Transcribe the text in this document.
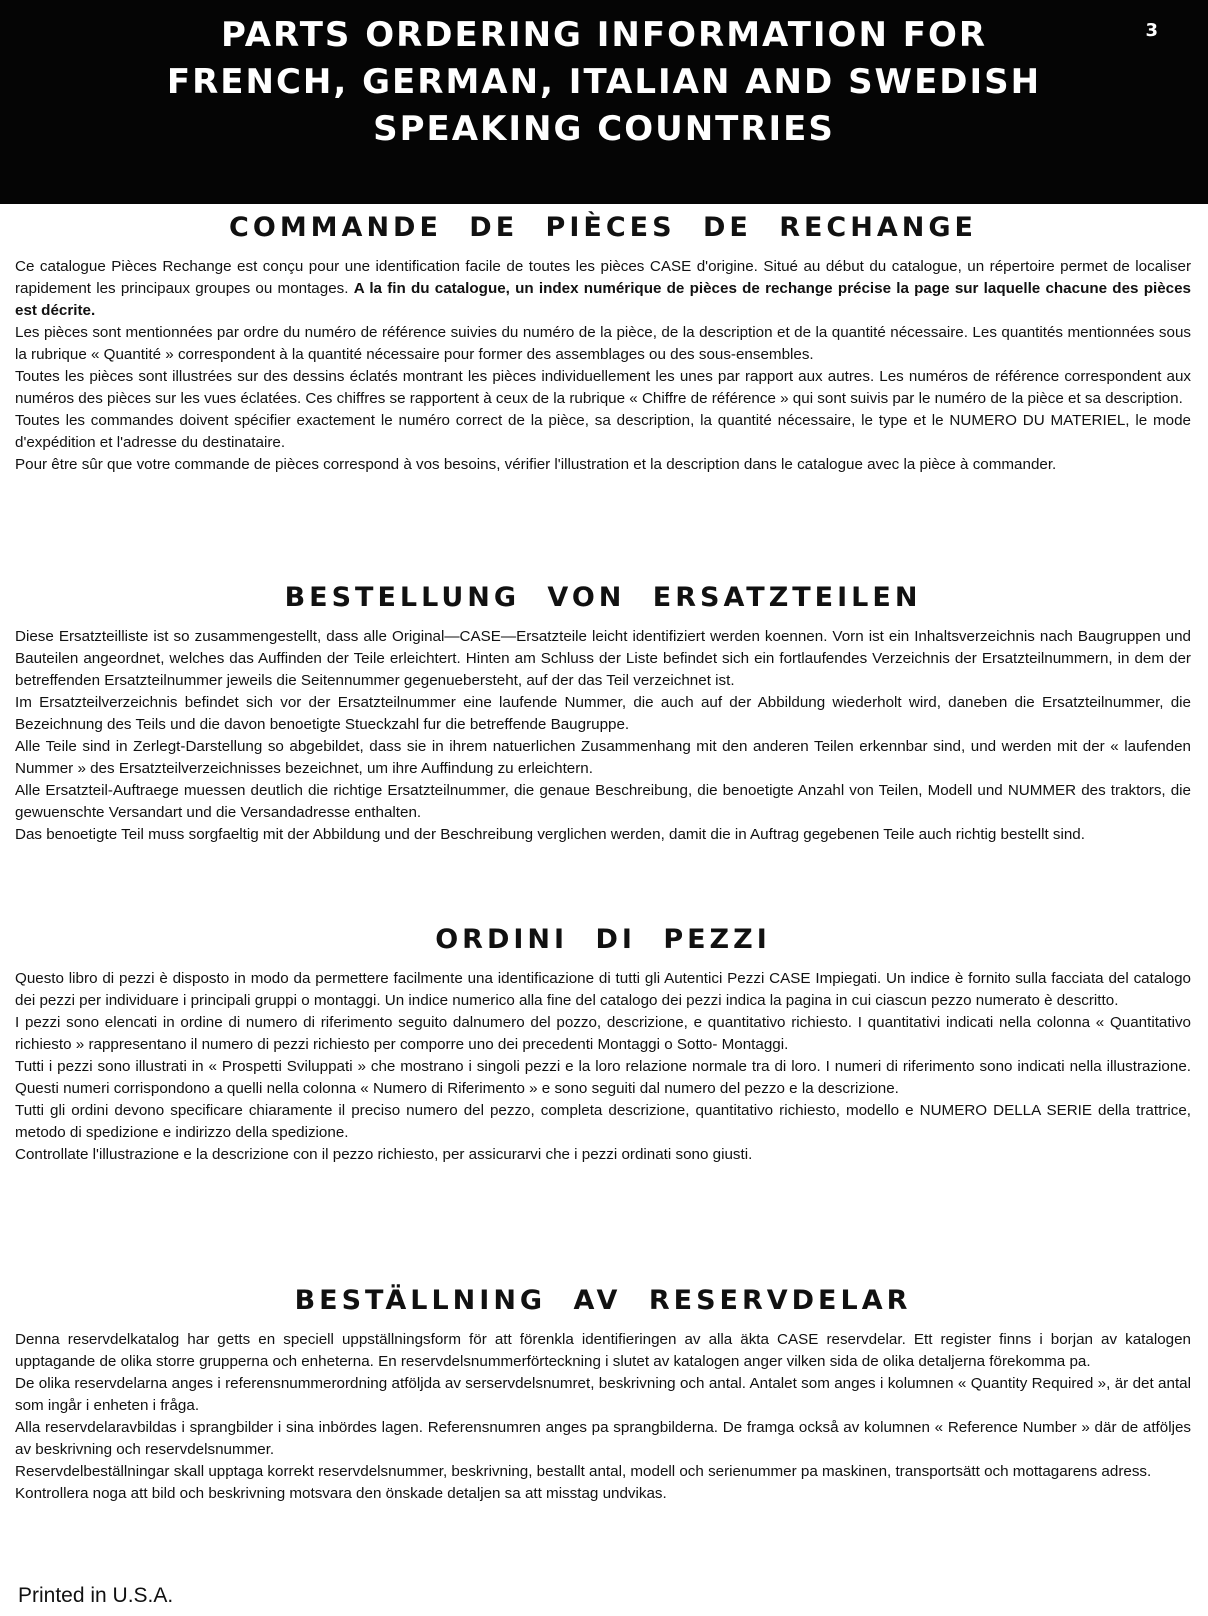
PARTS ORDERING INFORMATION FOR
FRENCH, GERMAN, ITALIAN AND SWEDISH
SPEAKING COUNTRIES
3
COMMANDE DE PIÈCES DE RECHANGE

Ce catalogue Pièces Rechange est conçu pour une identification facile de toutes les pièces CASE d'origine. Situé au début du catalogue, un répertoire permet de localiser rapidement les principaux groupes ou montages. A la fin du catalogue, un index numérique de pièces de rechange précise la page sur laquelle chacune des pièces est décrite.

Les pièces sont mentionnées par ordre du numéro de référence suivies du numéro de la pièce, de la description et de la quantité nécessaire. Les quantités mentionnées sous la rubrique « Quantité » correspondent à la quantité nécessaire pour former des assemblages ou des sous-ensembles.

Toutes les pièces sont illustrées sur des dessins éclatés montrant les pièces individuellement les unes par rapport aux autres. Les numéros de référence correspondent aux numéros des pièces sur les vues éclatées. Ces chiffres se rapportent à ceux de la rubrique « Chiffre de référence » qui sont suivis par le numéro de la pièce et sa description.

Toutes les commandes doivent spécifier exactement le numéro correct de la pièce, sa description, la quantité nécessaire, le type et le NUMERO DU MATERIEL, le mode d'expédition et l'adresse du destinataire.

Pour être sûr que votre commande de pièces correspond à vos besoins, vérifier l'illustration et la description dans le catalogue avec la pièce à commander.

BESTELLUNG VON ERSATZTEILEN

Diese Ersatzteilliste ist so zusammengestellt, dass alle Original—CASE—Ersatzteile leicht identifiziert werden koennen. Vorn ist ein Inhaltsverzeichnis nach Baugruppen und Bauteilen angeordnet, welches das Auffinden der Teile erleichtert. Hinten am Schluss der Liste befindet sich ein fortlaufendes Verzeichnis der Ersatzteilnummern, in dem der betreffenden Ersatzteilnummer jeweils die Seitennummer gegenuebersteht, auf der das Teil verzeichnet ist.

Im Ersatzteilverzeichnis befindet sich vor der Ersatzteilnummer eine laufende Nummer, die auch auf der Abbildung wiederholt wird, daneben die Ersatzteilnummer, die Bezeichnung des Teils und die davon benoetigte Stueckzahl fur die betreffende Baugruppe.

Alle Teile sind in Zerlegt-Darstellung so abgebildet, dass sie in ihrem natuerlichen Zusammenhang mit den anderen Teilen erkennbar sind, und werden mit der « laufenden Nummer » des Ersatzteilverzeichnisses bezeichnet, um ihre Auffindung zu erleichtern.

Alle Ersatzteil-Auftraege muessen deutlich die richtige Ersatzteilnummer, die genaue Beschreibung, die benoetigte Anzahl von Teilen, Modell und NUMMER des traktors, die gewuenschte Versandart und die Versandadresse enthalten.

Das benoetigte Teil muss sorgfaeltig mit der Abbildung und der Beschreibung verglichen werden, damit die in Auftrag gegebenen Teile auch richtig bestellt sind.

ORDINI DI PEZZI

Questo libro di pezzi è disposto in modo da permettere facilmente una identificazione di tutti gli Autentici Pezzi CASE Impiegati. Un indice è fornito sulla facciata del catalogo dei pezzi per individuare i principali gruppi o montaggi. Un indice numerico alla fine del catalogo dei pezzi indica la pagina in cui ciascun pezzo numerato è descritto.

I pezzi sono elencati in ordine di numero di riferimento seguito dalnumero del pozzo, descrizione, e quantitativo richiesto. I quantitativi indicati nella colonna « Quantitativo richiesto » rappresentano il numero di pezzi richiesto per comporre uno dei precedenti Montaggi o Sotto- Montaggi.

Tutti i pezzi sono illustrati in « Prospetti Sviluppati » che mostrano i singoli pezzi e la loro relazione normale tra di loro. I numeri di riferimento sono indicati nella illustrazione. Questi numeri corrispondono a quelli nella colonna « Numero di Riferimento » e sono seguiti dal numero del pezzo e la descrizione.

Tutti gli ordini devono specificare chiaramente il preciso numero del pezzo, completa descrizione, quantitativo richiesto, modello e NUMERO DELLA SERIE della trattrice, metodo di spedizione e indirizzo della spedizione.

Controllate l'illustrazione e la descrizione con il pezzo richiesto, per assicurarvi che i pezzi ordinati sono giusti.

BESTÄLLNING AV RESERVDELAR

Denna reservdelkatalog har getts en speciell uppställningsform för att förenkla identifieringen av alla äkta CASE reservdelar. Ett register finns i borjan av katalogen upptagande de olika storre grupperna och enheterna. En reservdelsnummerförteckning i slutet av katalogen anger vilken sida de olika detaljerna förekomma pa.

De olika reservdelarna anges i referensnummerordning atföljda av serservdelsnumret, beskrivning och antal. Antalet som anges i kolumnen « Quantity Required », är det antal som ingår i enheten i fråga.

Alla reservdelaravbildas i sprangbilder i sina inbördes lagen. Referensnumren anges pa sprangbilderna. De framga också av kolumnen « Reference Number » där de atföljes av beskrivning och reservdelsnummer.

Reservdelbeställningar skall upptaga korrekt reservdelsnummer, beskrivning, bestallt antal, modell och serienummer pa maskinen, transportsätt och mottagarens adress.

Kontrollera noga att bild och beskrivning motsvara den önskade detaljen sa att misstag undvikas.

Printed in U.S.A.
